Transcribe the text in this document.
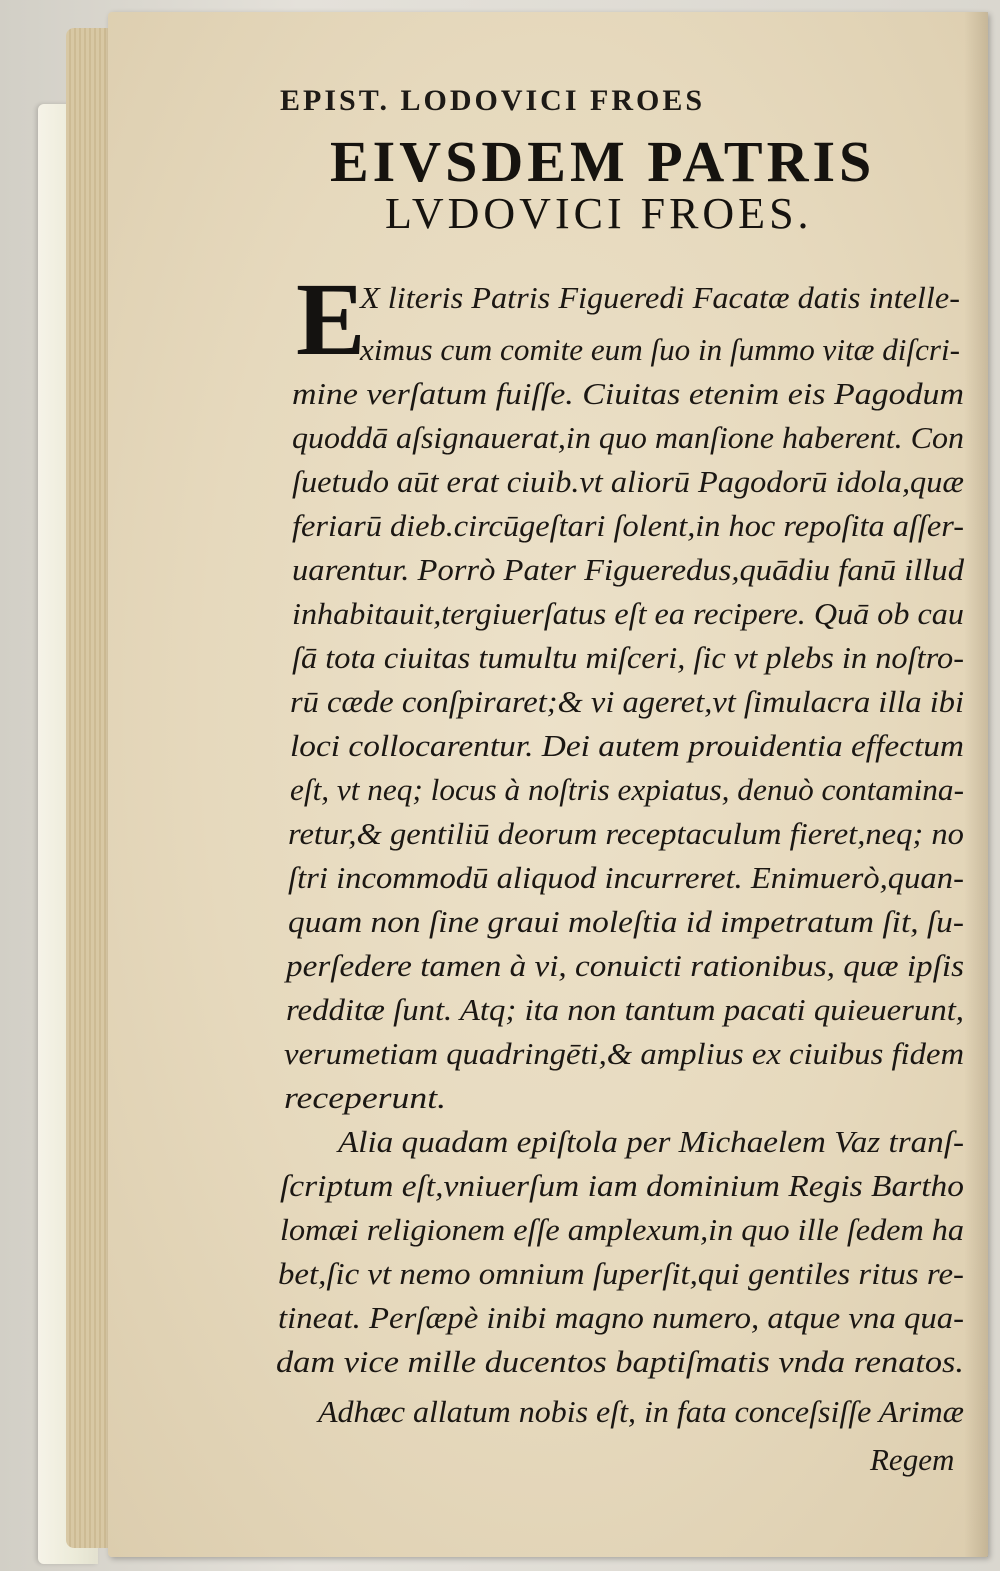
EPIST. LODOVICI FROES
EIVSDEM PATRIS
LVDOVICI FROES.
E
X literis Patris Figueredi Facatæ datis intelle-
ximus cum comite eum ſuo in ſummo vitæ diſcri-
mine verſatum fuiſſe. Ciuitas etenim eis Pagodum
quoddā aſsignauerat,in quo manſione haberent. Con
ſuetudo aūt erat ciuib.vt aliorū Pagodorū idola,quæ
feriarū dieb.circūgeſtari ſolent,in hoc repoſita aſſer-
uarentur. Porrò Pater Figueredus,quādiu fanū illud
inhabitauit,tergiuerſatus eſt ea recipere. Quā ob cau
ſā tota ciuitas tumultu miſceri, ſic vt plebs in noſtro-
rū cæde conſpiraret;& vi ageret,vt ſimulacra illa ibi
loci collocarentur. Dei autem prouidentia effectum
eſt, vt neq; locus à noſtris expiatus, denuò contamina-
retur,& gentiliū deorum receptaculum fieret,neq; no
ſtri incommodū aliquod incurreret. Enimuerò,quan-
quam non ſine graui moleſtia id impetratum ſit, ſu-
perſedere tamen à vi, conuicti rationibus, quæ ipſis
redditæ ſunt. Atq; ita non tantum pacati quieuerunt,
verumetiam quadringēti,& amplius ex ciuibus fidem
receperunt.
Alia quadam epiſtola per Michaelem Vaz tranſ-
ſcriptum eſt,vniuerſum iam dominium Regis Bartho
lomæi religionem eſſe amplexum,in quo ille ſedem ha
bet,ſic vt nemo omnium ſuperſit,qui gentiles ritus re-
tineat. Perſæpè inibi magno numero, atque vna qua-
dam vice mille ducentos baptiſmatis vnda renatos.
Adhæc allatum nobis eſt, in fata conceſsiſſe Arimæ
Regem
